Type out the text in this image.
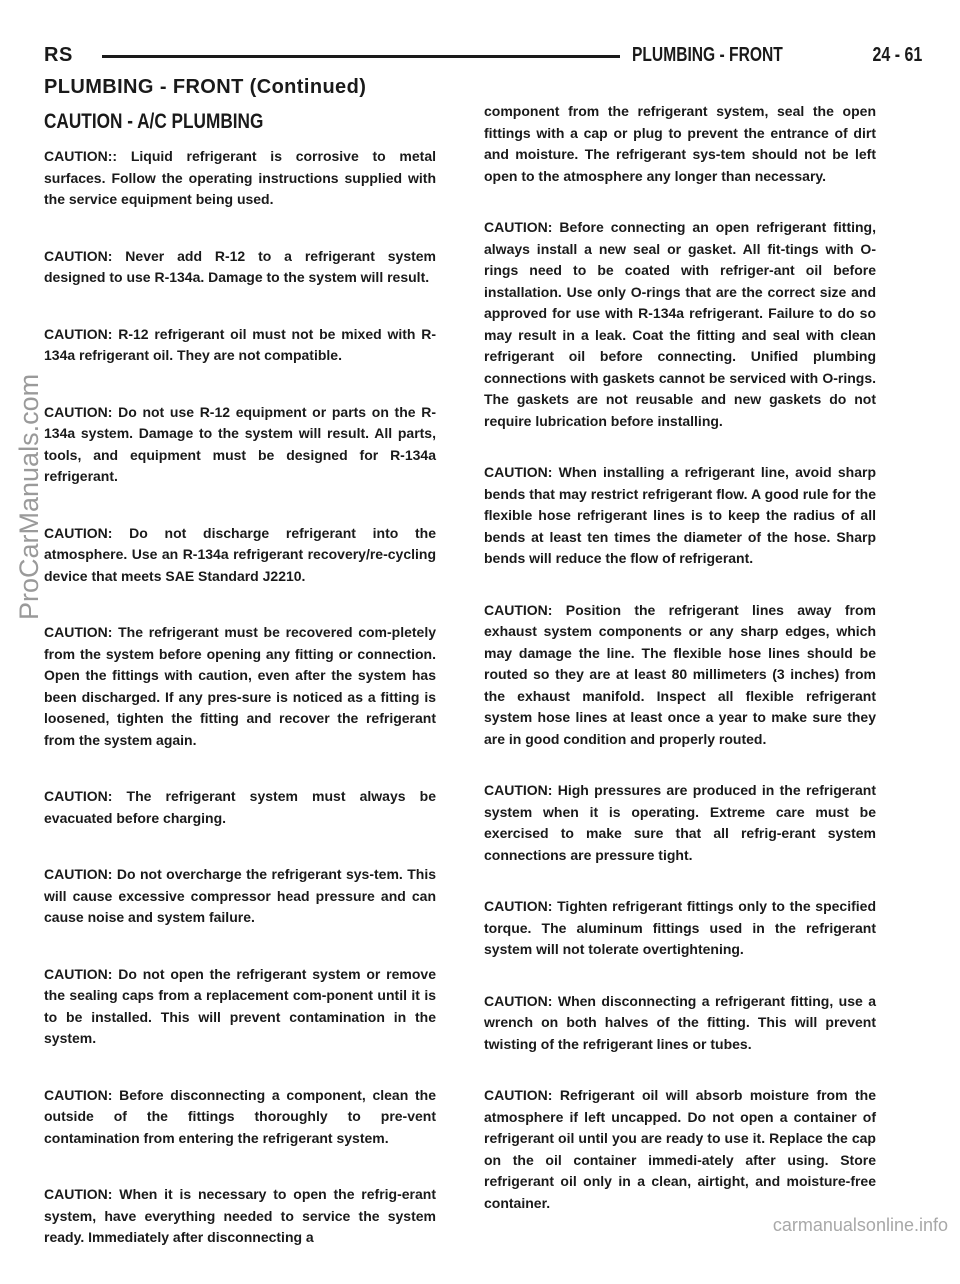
RS	PLUMBING - FRONT	24 - 61
PLUMBING - FRONT (Continued)
CAUTION - A/C PLUMBING

CAUTION:: Liquid refrigerant is corrosive to metal surfaces. Follow the operating instructions supplied with the service equipment being used.

CAUTION: Never add R-12 to a refrigerant system designed to use R-134a. Damage to the system will result.

CAUTION: R-12 refrigerant oil must not be mixed with R-134a refrigerant oil. They are not compatible.

CAUTION: Do not use R-12 equipment or parts on the R-134a system. Damage to the system will result. All parts, tools, and equipment must be designed for R-134a refrigerant.

CAUTION: Do not discharge refrigerant into the atmosphere. Use an R-134a refrigerant recovery/re-cycling device that meets SAE Standard J2210.

CAUTION: The refrigerant must be recovered com-pletely from the system before opening any fitting or connection. Open the fittings with caution, even after the system has been discharged. If any pres-sure is noticed as a fitting is loosened, tighten the fitting and recover the refrigerant from the system again.

CAUTION: The refrigerant system must always be evacuated before charging.

CAUTION: Do not overcharge the refrigerant sys-tem. This will cause excessive compressor head pressure and can cause noise and system failure.

CAUTION: Do not open the refrigerant system or remove the sealing caps from a replacement com-ponent until it is to be installed. This will prevent contamination in the system.

CAUTION: Before disconnecting a component, clean the outside of the fittings thoroughly to pre-vent contamination from entering the refrigerant system.

CAUTION: When it is necessary to open the refrig-erant system, have everything needed to service the system ready. Immediately after disconnecting a

component from the refrigerant system, seal the open fittings with a cap or plug to prevent the entrance of dirt and moisture. The refrigerant sys-tem should not be left open to the atmosphere any longer than necessary.

CAUTION: Before connecting an open refrigerant fitting, always install a new seal or gasket. All fit-tings with O-rings need to be coated with refriger-ant oil before installation. Use only O-rings that are the correct size and approved for use with R-134a refrigerant. Failure to do so may result in a leak. Coat the fitting and seal with clean refrigerant oil before connecting. Unified plumbing connections with gaskets cannot be serviced with O-rings. The gaskets are not reusable and new gaskets do not require lubrication before installing.

CAUTION: When installing a refrigerant line, avoid sharp bends that may restrict refrigerant flow. A good rule for the flexible hose refrigerant lines is to keep the radius of all bends at least ten times the diameter of the hose. Sharp bends will reduce the flow of refrigerant.

CAUTION: Position the refrigerant lines away from exhaust system components or any sharp edges, which may damage the line. The flexible hose lines should be routed so they are at least 80 millimeters (3 inches) from the exhaust manifold. Inspect all flexible refrigerant system hose lines at least once a year to make sure they are in good condition and properly routed.

CAUTION: High pressures are produced in the refrigerant system when it is operating. Extreme care must be exercised to make sure that all refrig-erant system connections are pressure tight.

CAUTION: Tighten refrigerant fittings only to the specified torque. The aluminum fittings used in the refrigerant system will not tolerate overtightening.

CAUTION: When disconnecting a refrigerant fitting, use a wrench on both halves of the fitting. This will prevent twisting of the refrigerant lines or tubes.

CAUTION: Refrigerant oil will absorb moisture from the atmosphere if left uncapped. Do not open a container of refrigerant oil until you are ready to use it. Replace the cap on the oil container immedi-ately after using. Store refrigerant oil only in a clean, airtight, and moisture-free container.

ProCarManuals.com
carmanualsonline.info
